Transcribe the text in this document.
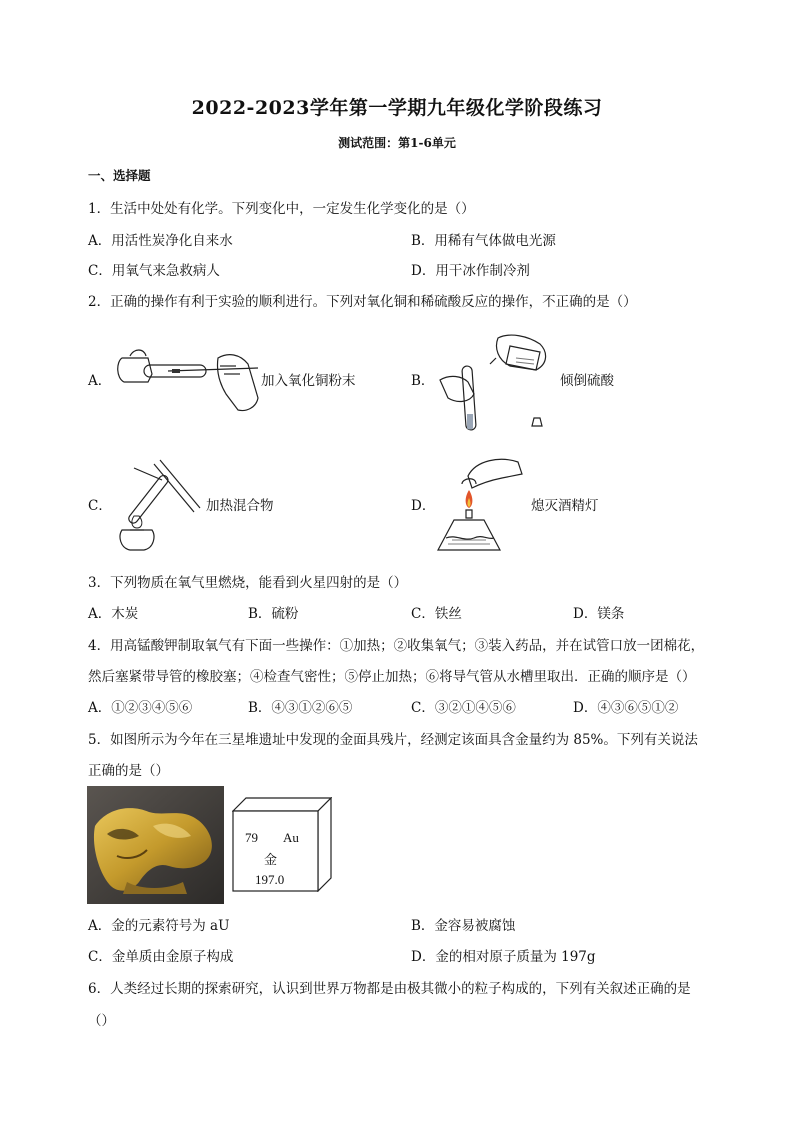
2022-2023学年第一学期九年级化学阶段练习
测试范围：第1-6单元
一、选择题
1．生活中处处有化学。下列变化中，一定发生化学变化的是（）
A．用活性炭净化自来水	B．用稀有气体做电光源
C．用氧气来急救病人	D．用干冰作制冷剂
2．正确的操作有利于实验的顺利进行。下列对氧化铜和稀硫酸反应的操作，不正确的是（）
A．	加入氧化铜粉末	B．	倾倒硫酸
C．	加热混合物	D．	熄灭酒精灯
3．下列物质在氧气里燃烧，能看到火星四射的是（）
A．木炭	B．硫粉	C．铁丝	D．镁条
4．用高锰酸钾制取氧气有下面一些操作：①加热；②收集氧气；③装入药品，并在试管口放一团棉花，
然后塞紧带导管的橡胶塞；④检查气密性；⑤停止加热；⑥将导气管从水槽里取出．正确的顺序是（）
A．①②③④⑤⑥	B．④③①②⑥⑤	C．③②①④⑤⑥	D．④③⑥⑤①②
5．如图所示为今年在三星堆遗址中发现的金面具残片，经测定该面具含金量约为 85%。下列有关说法
正确的是（）
79 Au
金
197.0
A．金的元素符号为 aU	B．金容易被腐蚀
C．金单质由金原子构成	D．金的相对原子质量为 197g
6．人类经过长期的探索研究，认识到世界万物都是由极其微小的粒子构成的，下列有关叙述正确的是
（）
